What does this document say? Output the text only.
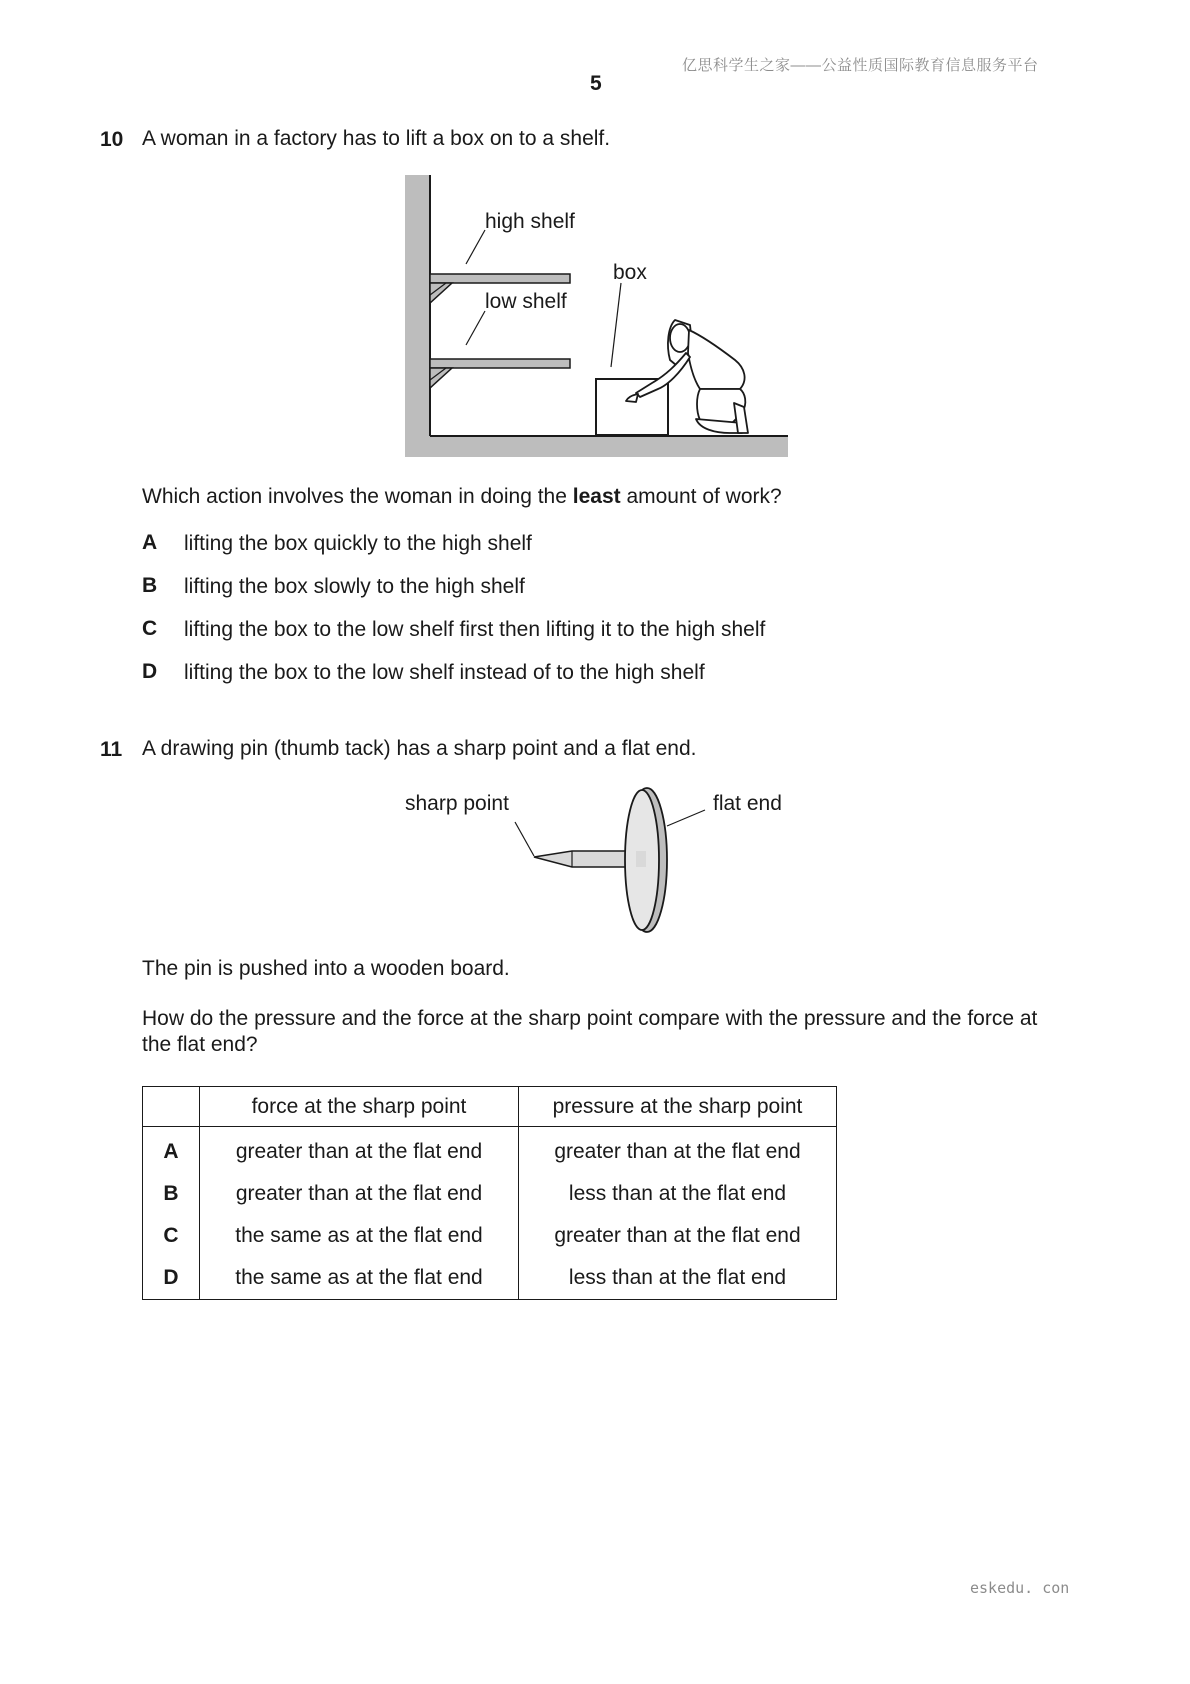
亿思科学生之家——公益性质国际教育信息服务平台
5
10 A woman in a factory has to lift a box on to a shelf.
high shelf
low shelf
box
Which action involves the woman in doing the least amount of work?
A lifting the box quickly to the high shelf
B lifting the box slowly to the high shelf
C lifting the box to the low shelf first then lifting it to the high shelf
D lifting the box to the low shelf instead of to the high shelf
11 A drawing pin (thumb tack) has a sharp point and a flat end.
sharp point	flat end
The pin is pushed into a wooden board.
How do the pressure and the force at the sharp point compare with the pressure and the force at
the flat end?
	force at the sharp point	pressure at the sharp point
A	greater than at the flat end	greater than at the flat end
B	greater than at the flat end	less than at the flat end
C	the same as at the flat end	greater than at the flat end
D	the same as at the flat end	less than at the flat end
eskedu. con
